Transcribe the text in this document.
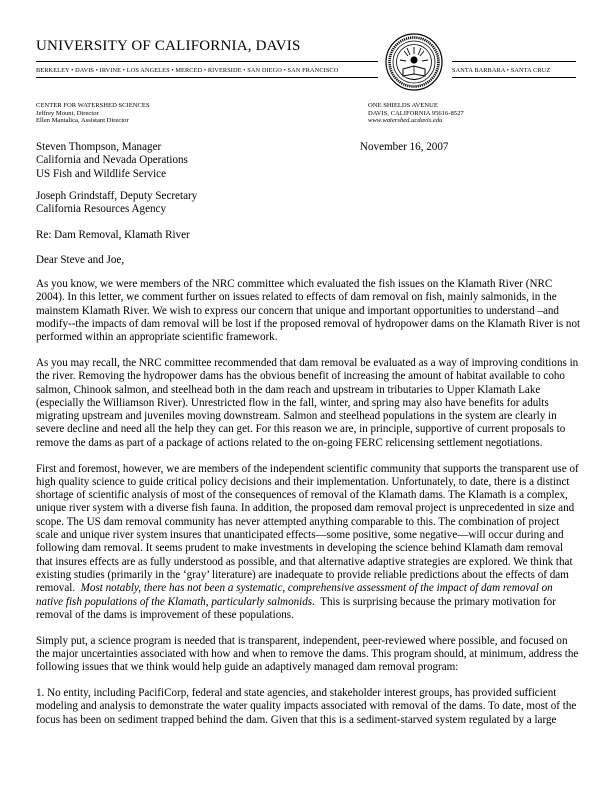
UNIVERSITY OF CALIFORNIA, DAVIS
BERKELEY • DAVIS • IRVINE • LOS ANGELES • MERCED • RIVERSIDE • SAN DIEGO • SAN FRANCISCO	SANTA BARBARA • SANTA CRUZ
CENTER FOR WATERSHED SCIENCES
Jeffrey Mount, Director
Ellen Mantalica, Assistant Director
ONE SHIELDS AVENUE
DAVIS, CALIFORNIA 95616-8527
www.watershed.ucdavis.edu
Steven Thompson, Manager
California and Nevada Operations
US Fish and Wildlife Service
November 16, 2007
Joseph Grindstaff, Deputy Secretary
California Resources Agency
Re: Dam Removal, Klamath River
Dear Steve and Joe,

As you know, we were members of the NRC committee which evaluated the fish issues on the Klamath River (NRC

2004). In this letter, we comment further on issues related to effects of dam removal on fish, mainly salmonids, in the

mainstem Klamath River. We wish to express our concern that unique and important opportunities to understand –and

modify--the impacts of dam removal will be lost if the proposed removal of hydropower dams on the Klamath River is not

performed within an appropriate scientific framework.

As you may recall, the NRC committee recommended that dam removal be evaluated as a way of improving conditions in

the river. Removing the hydropower dams has the obvious benefit of increasing the amount of habitat available to coho

salmon, Chinook salmon, and steelhead both in the dam reach and upstream in tributaries to Upper Klamath Lake

(especially the Williamson River). Unrestricted flow in the fall, winter, and spring may also have benefits for adults

migrating upstream and juveniles moving downstream. Salmon and steelhead populations in the system are clearly in

severe decline and need all the help they can get. For this reason we are, in principle, supportive of current proposals to

remove the dams as part of a package of actions related to the on-going FERC relicensing settlement negotiations.

First and foremost, however, we are members of the independent scientific community that supports the transparent use of

high quality science to guide critical policy decisions and their implementation. Unfortunately, to date, there is a distinct

shortage of scientific analysis of most of the consequences of removal of the Klamath dams. The Klamath is a complex,

unique river system with a diverse fish fauna. In addition, the proposed dam removal project is unprecedented in size and

scope. The US dam removal community has never attempted anything comparable to this. The combination of project

scale and unique river system insures that unanticipated effects—some positive, some negative—will occur during and

following dam removal. It seems prudent to make investments in developing the science behind Klamath dam removal

that insures effects are as fully understood as possible, and that alternative adaptive strategies are explored. We think that

existing studies (primarily in the ‘gray’ literature) are inadequate to provide reliable predictions about the effects of dam

removal.  Most notably, there has not been a systematic, comprehensive assessment of the impact of dam removal on

native fish populations of the Klamath, particularly salmonids.  This is surprising because the primary motivation for

removal of the dams is improvement of these populations.

Simply put, a science program is needed that is transparent, independent, peer-reviewed where possible, and focused on

the major uncertainties associated with how and when to remove the dams. This program should, at minimum, address the

following issues that we think would help guide an adaptively managed dam removal program:

1. No entity, including PacifiCorp, federal and state agencies, and stakeholder interest groups, has provided sufficient

modeling and analysis to demonstrate the water quality impacts associated with removal of the dams. To date, most of the

focus has been on sediment trapped behind the dam. Given that this is a sediment-starved system regulated by a large
